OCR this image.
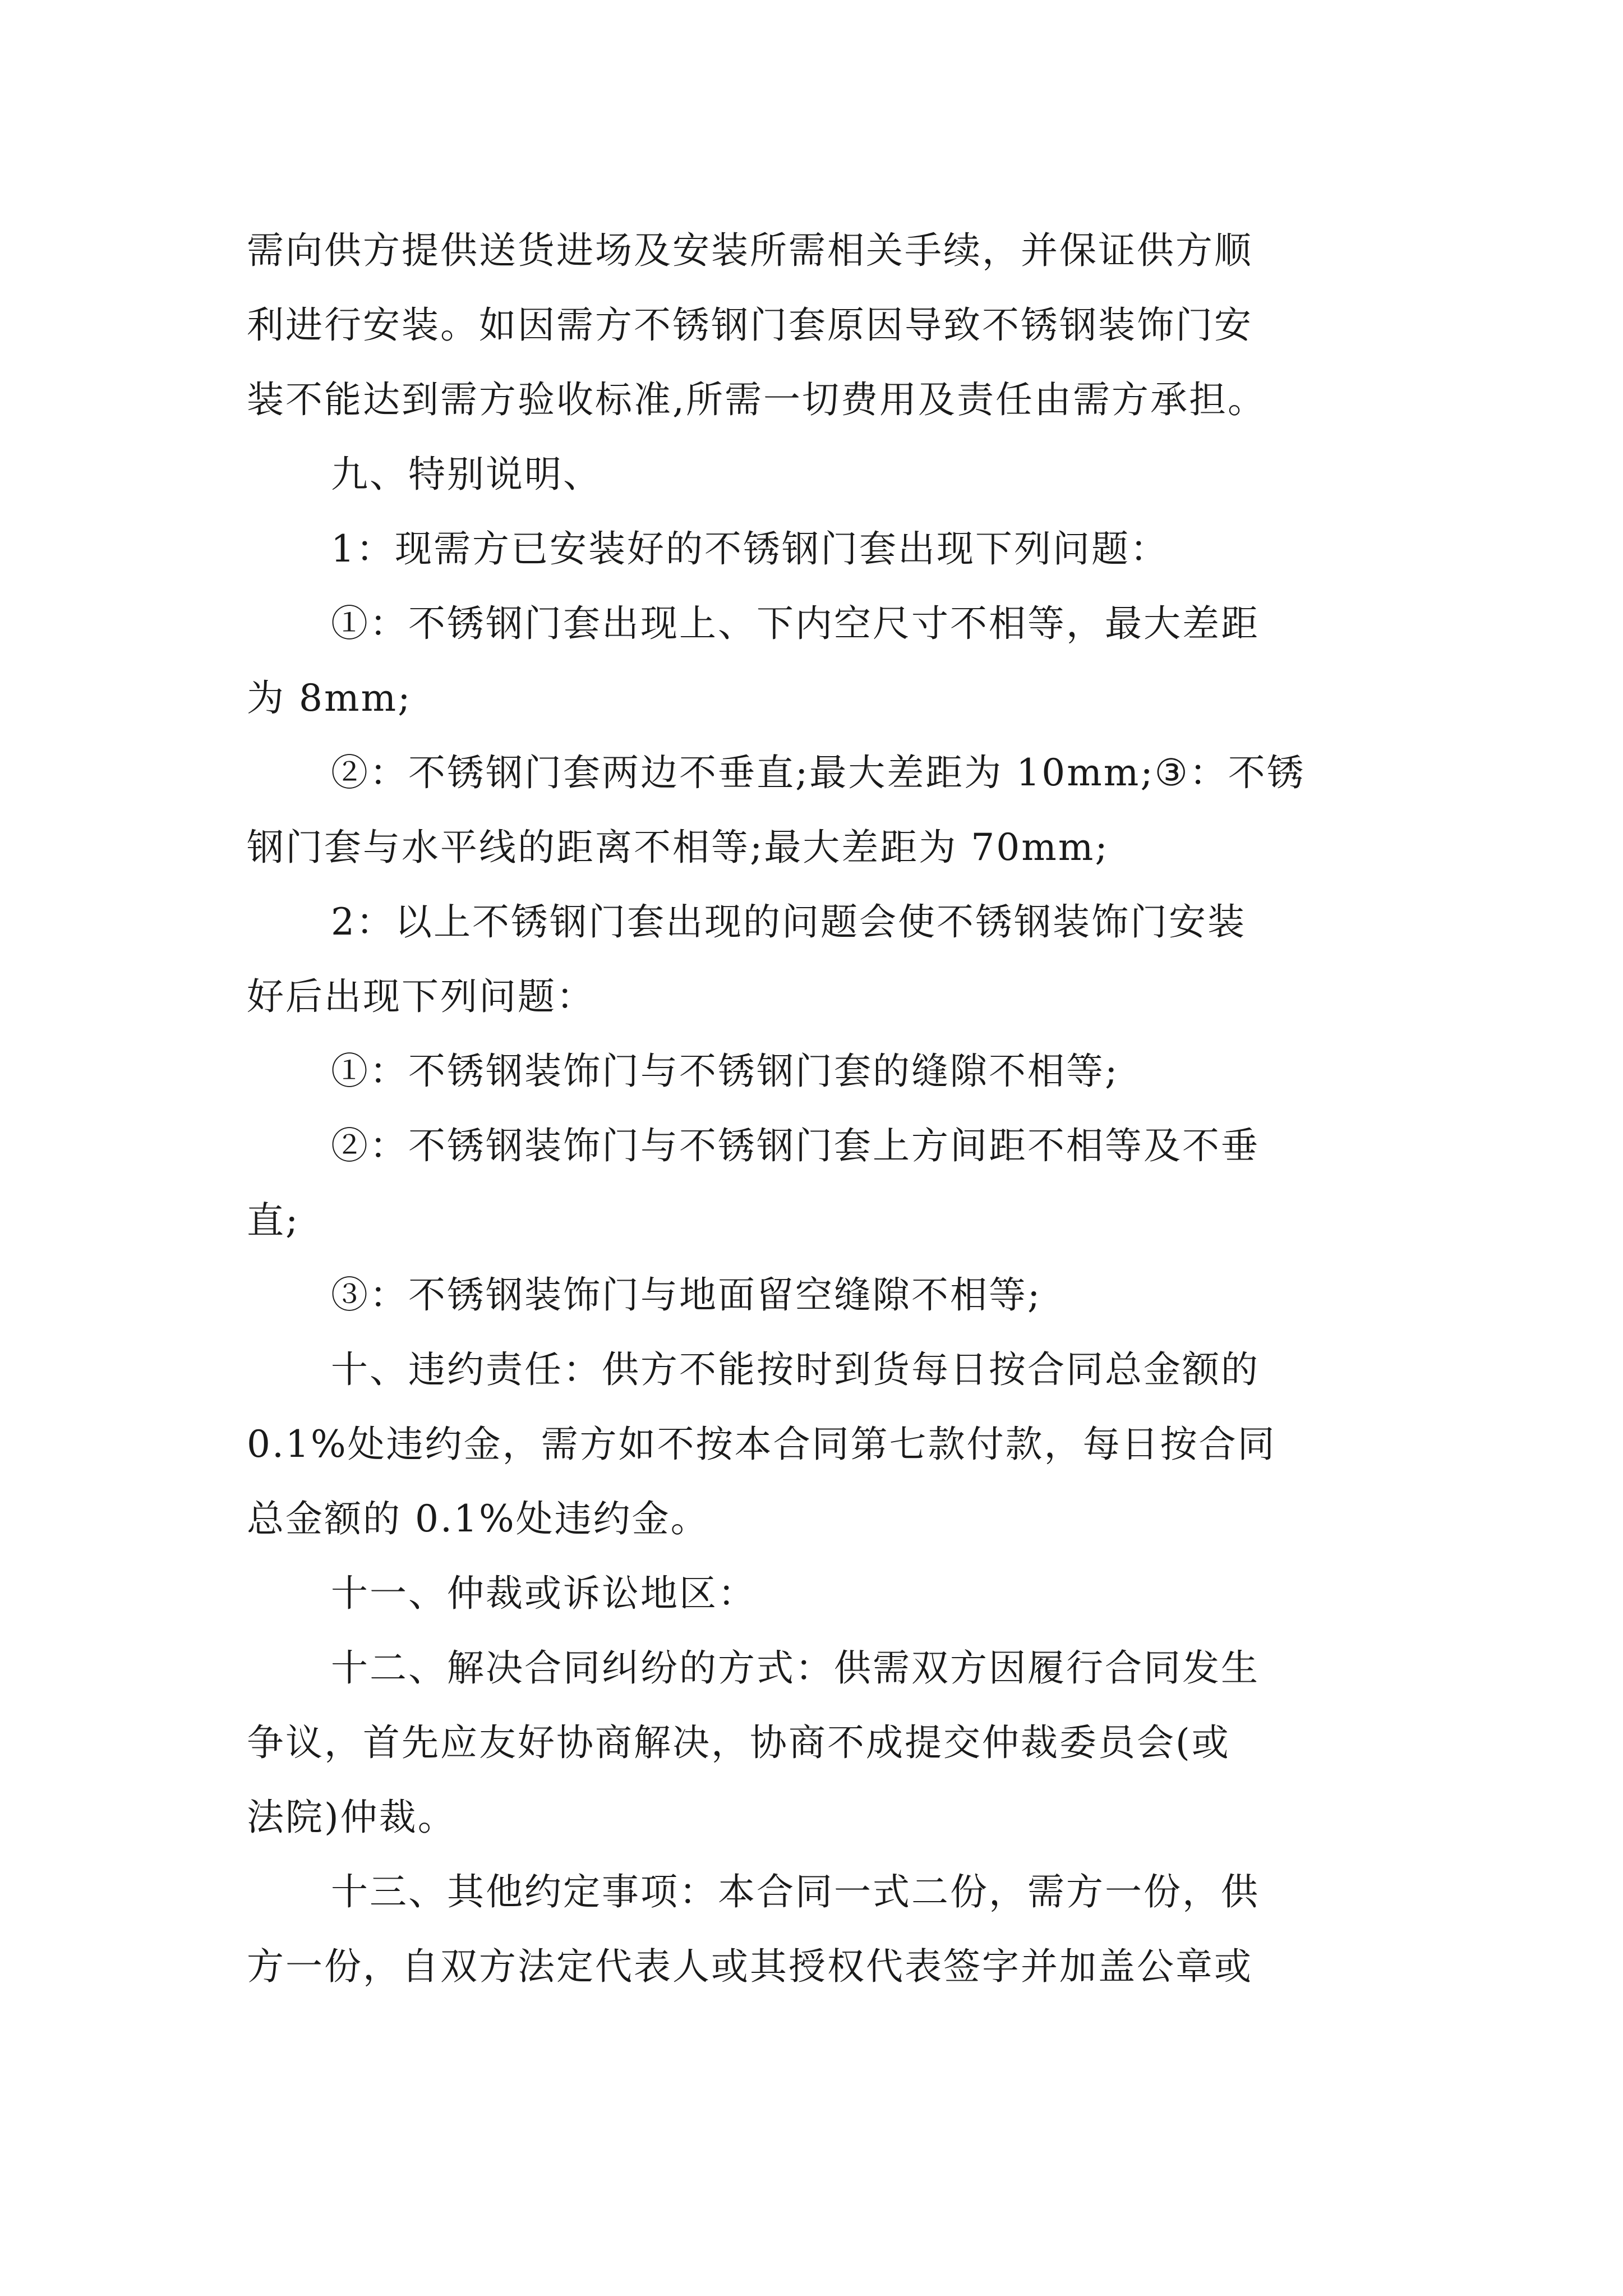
需向供方提供送货进场及安装所需相关手续，并保证供方顺
利进行安装。如因需方不锈钢门套原因导致不锈钢装饰门安
装不能达到需方验收标准,所需一切费用及责任由需方承担。
九、特别说明、
1：现需方已安装好的不锈钢门套出现下列问题：
①：不锈钢门套出现上、下内空尺寸不相等，最大差距
为 8mm;
②：不锈钢门套两边不垂直;最大差距为 10mm;③：不锈
钢门套与水平线的距离不相等;最大差距为 70mm;
2：以上不锈钢门套出现的问题会使不锈钢装饰门安装
好后出现下列问题：
①：不锈钢装饰门与不锈钢门套的缝隙不相等;
②：不锈钢装饰门与不锈钢门套上方间距不相等及不垂
直;
③：不锈钢装饰门与地面留空缝隙不相等;
十、违约责任：供方不能按时到货每日按合同总金额的
0.1%处违约金，需方如不按本合同第七款付款，每日按合同
总金额的 0.1%处违约金。
十一、仲裁或诉讼地区：
十二、解决合同纠纷的方式：供需双方因履行合同发生
争议，首先应友好协商解决，协商不成提交仲裁委员会(或
法院)仲裁。
十三、其他约定事项：本合同一式二份，需方一份，供
方一份，自双方法定代表人或其授权代表签字并加盖公章或
